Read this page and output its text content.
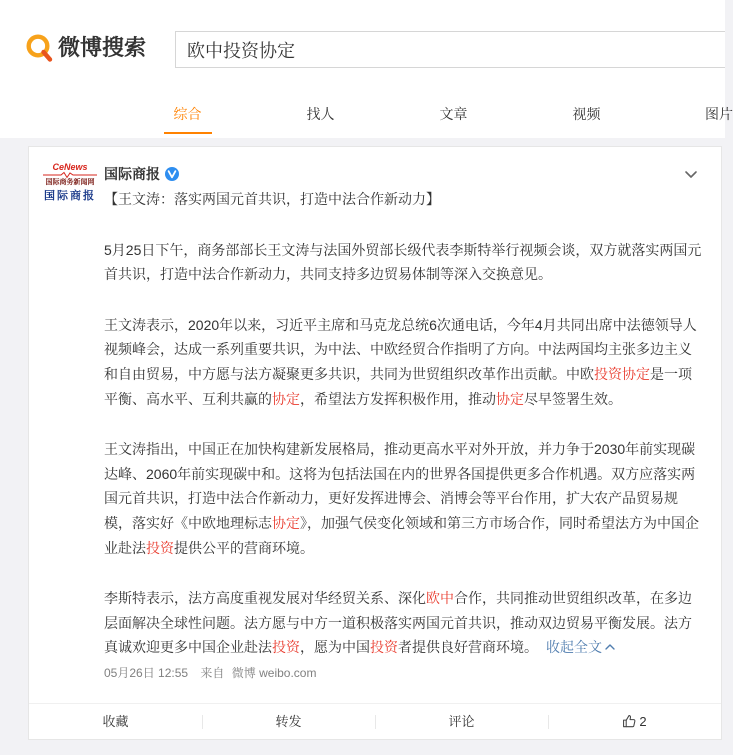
微博搜索
欧中投资协定
综合	找人	文章	视频	图片
CeNews
国际商务新闻网
国际商报
国际商报

【王文涛：落实两国元首共识，打造中法合作新动力】

5月25日下午，商务部部长王文涛与法国外贸部长级代表李斯特举行视频会谈，双方就落实两国元首共识，打造中法合作新动力，共同支持多边贸易体制等深入交换意见。

王文涛表示，2020年以来，习近平主席和马克龙总统6次通电话，今年4月共同出席中法德领导人视频峰会，达成一系列重要共识，为中法、中欧经贸合作指明了方向。中法两国均主张多边主义和自由贸易，中方愿与法方凝聚更多共识，共同为世贸组织改革作出贡献。中欧投资协定是一项平衡、高水平、互利共赢的协定，希望法方发挥积极作用，推动协定尽早签署生效。

王文涛指出，中国正在加快构建新发展格局，推动更高水平对外开放，并力争于2030年前实现碳达峰、2060年前实现碳中和。这将为包括法国在内的世界各国提供更多合作机遇。双方应落实两国元首共识，打造中法合作新动力，更好发挥进博会、消博会等平台作用，扩大农产品贸易规模，落实好《中欧地理标志协定》，加强气侯变化领域和第三方市场合作，同时希望法方为中国企业赴法投资提供公平的营商环境。

李斯特表示，法方高度重视发展对华经贸关系、深化欧中合作，共同推动世贸组织改革，在多边层面解决全球性问题。法方愿与中方一道积极落实两国元首共识，推动双边贸易平衡发展。法方真诚欢迎更多中国企业赴法投资，愿为中国投资者提供良好营商环境。 收起全文

05月26日 12:55 来自 微博 weibo.com
收藏	转发	评论	2
